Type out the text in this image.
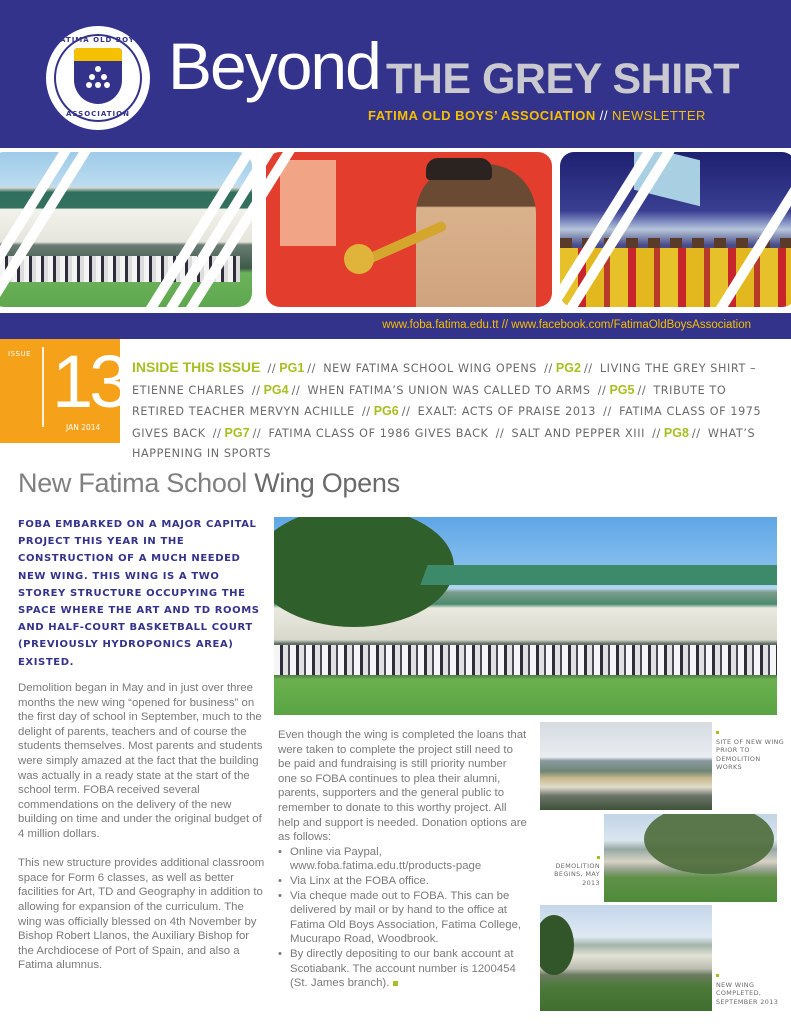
FATIMA OLD BOYS
ASSOCIATION
Beyond THE GREY SHIRT
FATIMA OLD BOYS’ ASSOCIATION // NEWSLETTER
www.foba.fatima.edu.tt // www.facebook.com/FatimaOldBoysAssociation
ISSUE 13
JAN 2014
INSIDE THIS ISSUE // PG1 // NEW FATIMA SCHOOL WING OPENS // PG2 // LIVING THE GREY SHIRT – ETIENNE CHARLES // PG4 // WHEN FATIMA’S UNION WAS CALLED TO ARMS // PG5 // TRIBUTE TO RETIRED TEACHER MERVYN ACHILLE // PG6 // EXALT: ACTS OF PRAISE 2013 // FATIMA CLASS OF 1975 GIVES BACK // PG7 // FATIMA CLASS OF 1986 GIVES BACK // SALT AND PEPPER XIII // PG8 // WHAT’S HAPPENING IN SPORTS
New Fatima School Wing Opens
FOBA EMBARKED ON A MAJOR CAPITAL PROJECT THIS YEAR IN THE CONSTRUCTION OF A MUCH NEEDED NEW WING. THIS WING IS A TWO STOREY STRUCTURE OCCUPYING THE SPACE WHERE THE ART AND TD ROOMS AND HALF-COURT BASKETBALL COURT (PREVIOUSLY HYDROPONICS AREA) EXISTED.

Demolition began in May and in just over three months the new wing “opened for business” on the first day of school in September, much to the delight of parents, teachers and of course the students themselves. Most parents and students were simply amazed at the fact that the building was actually in a ready state at the start of the school term. FOBA received several commendations on the delivery of the new building on time and under the original budget of 4 million dollars.

This new structure provides additional classroom space for Form 6 classes, as well as better facilities for Art, TD and Geography in addition to allowing for expansion of the curriculum. The wing was officially blessed on 4th November by Bishop Robert Llanos, the Auxiliary Bishop for the Archdiocese of Port of Spain, and also a Fatima alumnus.

Even though the wing is completed the loans that were taken to complete the project still need to be paid and fundraising is still priority number one so FOBA continues to plea their alumni, parents, supporters and the general public to remember to donate to this worthy project. All help and support is needed. Donation options are as follows:

• Online via Paypal, www.foba.fatima.edu.tt/products-page
• Via Linx at the FOBA office.
• Via cheque made out to FOBA. This can be delivered by mail or by hand to the office at Fatima Old Boys Association, Fatima College, Mucurapo Road, Woodbrook.
• By directly depositing to our bank account at Scotiabank. The account number is 1200454 (St. James branch).
SITE OF NEW WING PRIOR TO DEMOLITION WORKS
DEMOLITION BEGINS, MAY 2013
NEW WING COMPLETED, SEPTEMBER 2013
